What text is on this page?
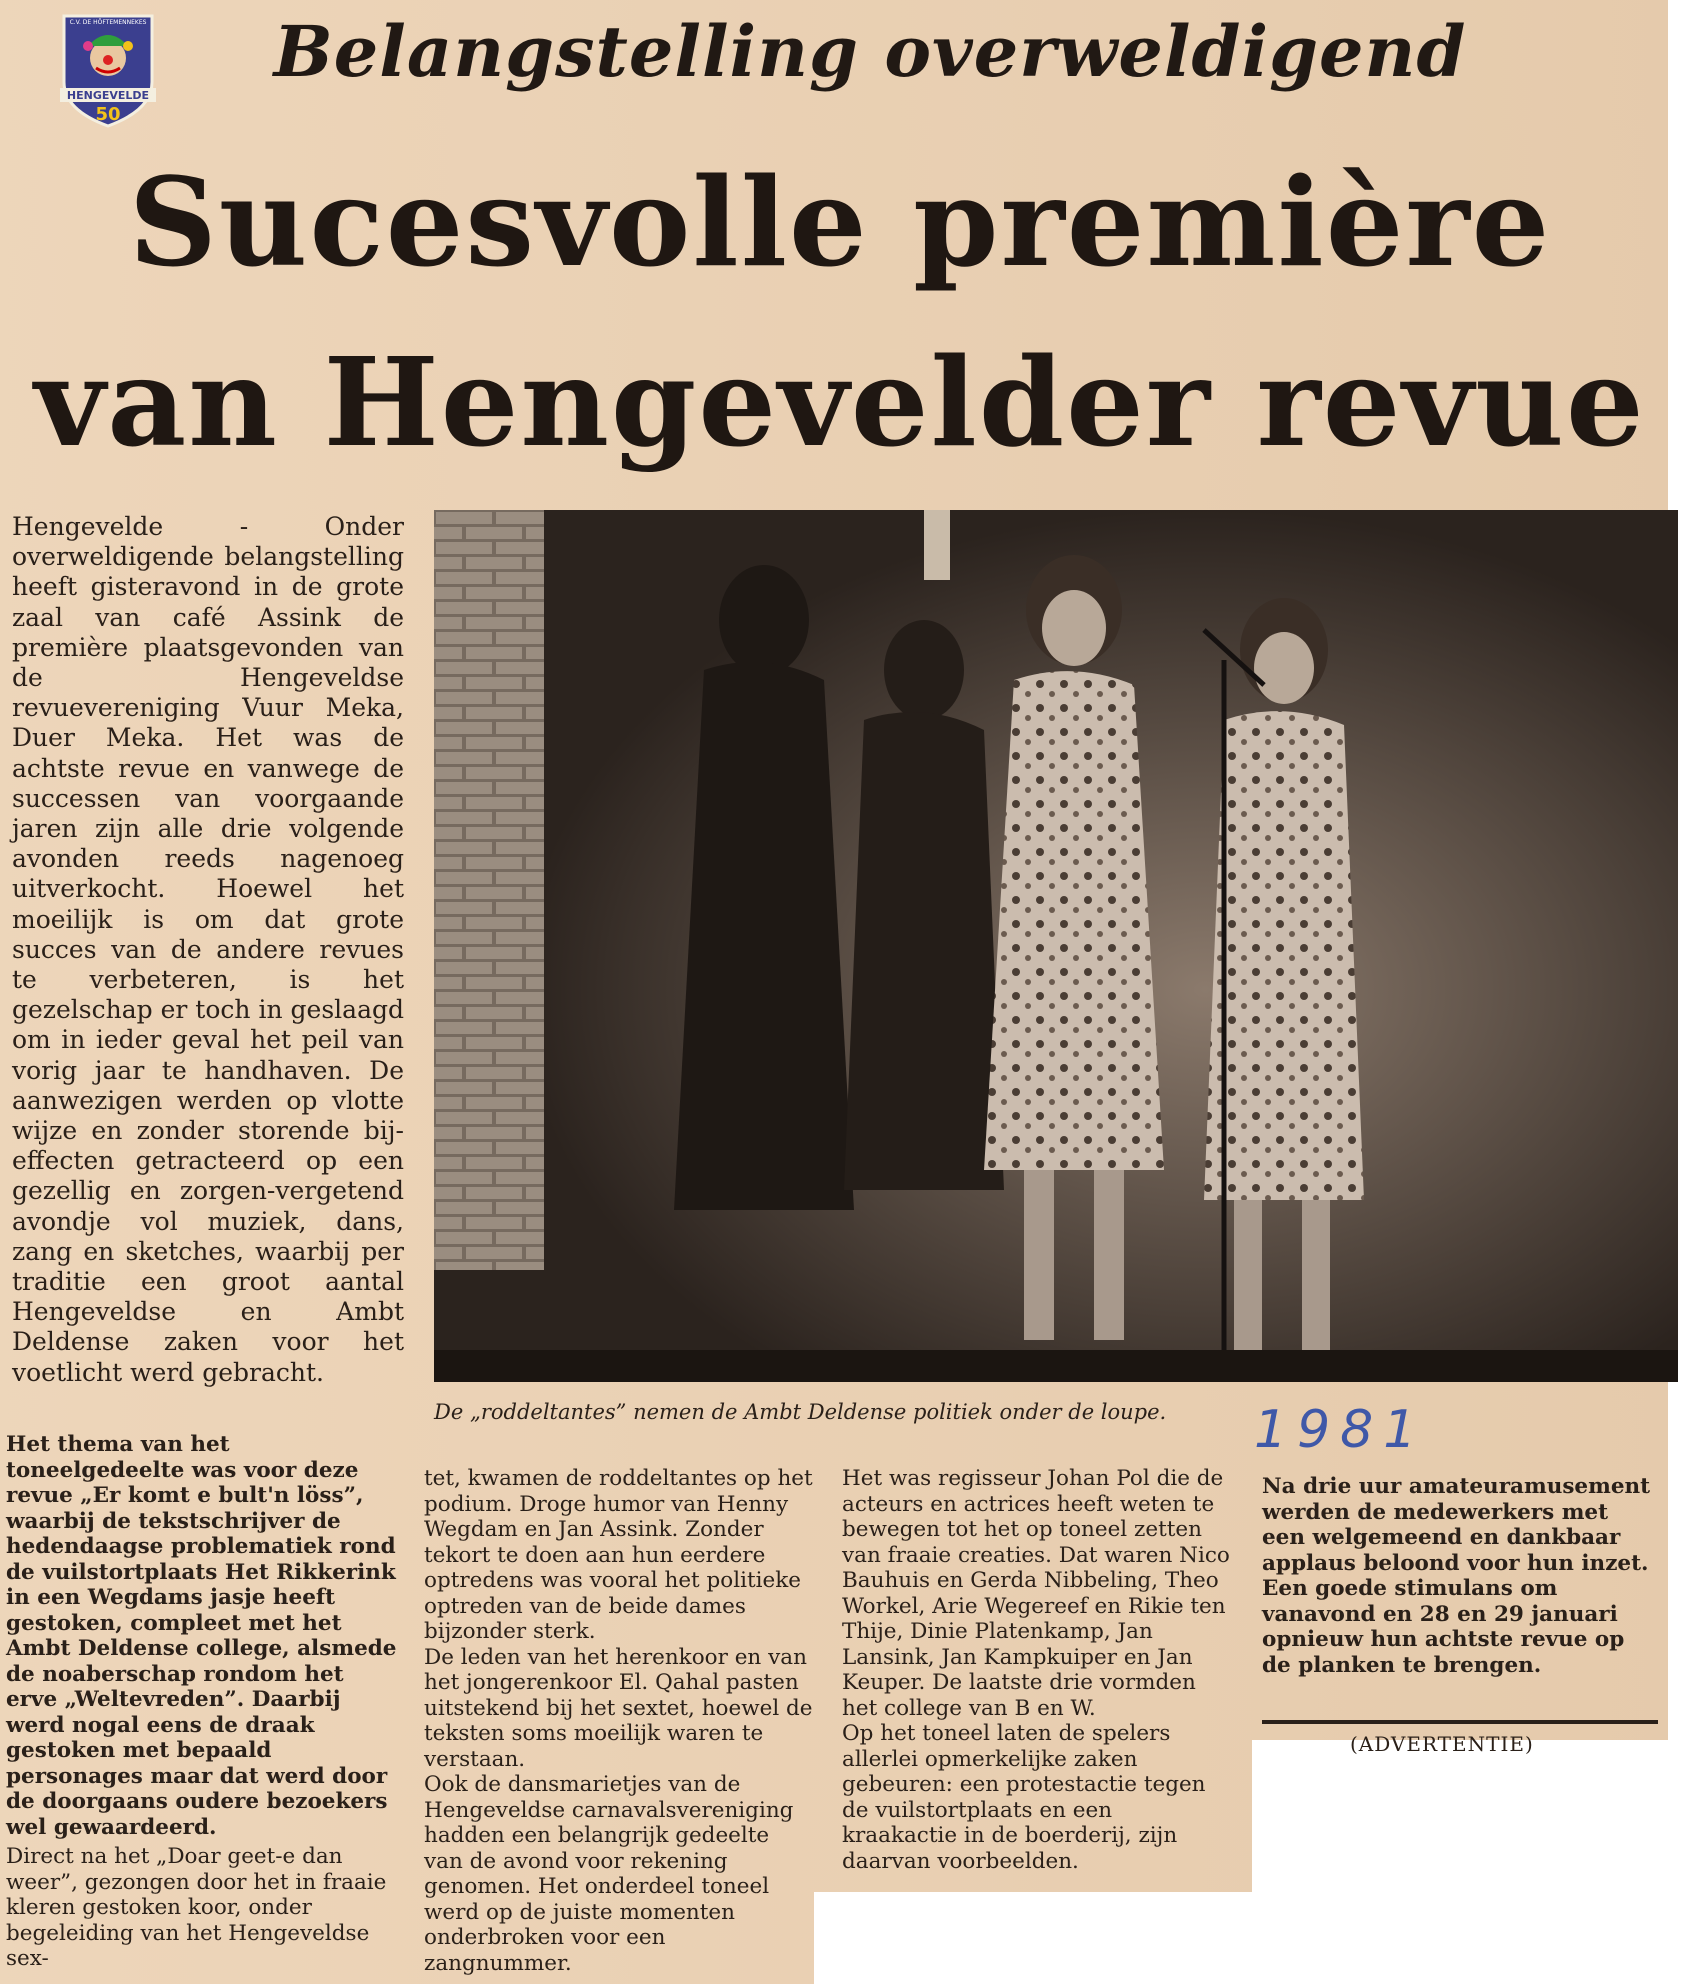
C.V. DE HÖFTEMENNEKES
HENGEVELDE
50
Belangstelling overweldigend
Sucesvolle première
van Hengevelder revue
Hengevelde - Onder overweldigende belangstelling heeft gisteravond in de grote zaal van café Assink de première plaatsgevonden van de Hengeveldse revuevereniging Vuur Meka, Duer Meka. Het was de achtste revue en vanwege de successen van voorgaande jaren zijn alle drie volgende avonden reeds nagenoeg uitverkocht. Hoewel het moeilijk is om dat grote succes van de andere revues te verbeteren, is het gezelschap er toch in geslaagd om in ieder geval het peil van vorig jaar te handhaven. De aanwezigen werden op vlotte wijze en zonder storende bij-effecten getracteerd op een gezellig en zorgen-vergetend avondje vol muziek, dans, zang en sketches, waarbij per traditie een groot aantal Hengeveldse en Ambt Deldense zaken voor het voetlicht werd gebracht.
De „roddeltantes” nemen de Ambt Deldense politiek onder de loupe.	1981
Het thema van het toneelgedeelte was voor deze revue „Er komt e bult'n löss”, waarbij de tekstschrijver de hedendaagse problematiek rond de vuilstortplaats Het Rikkerink in een Wegdams jasje heeft gestoken, compleet met het Ambt Deldense college, alsmede de noaberschap rondom het erve „Weltevreden”. Daarbij werd nogal eens de draak gestoken met bepaald personages maar dat werd door de doorgaans oudere bezoekers wel gewaardeerd.
Direct na het „Doar geet-e dan weer”, gezongen door het in fraaie kleren gestoken koor, onder begeleiding van het Hengeveldse sex-

tet, kwamen de roddeltantes op het podium. Droge humor van Henny Wegdam en Jan Assink. Zonder tekort te doen aan hun eerdere optredens was vooral het politieke optreden van de beide dames bijzonder sterk.

De leden van het herenkoor en van het jongerenkoor El. Qahal pasten uitstekend bij het sextet, hoewel de teksten soms moeilijk waren te verstaan.

Ook de dansmarietjes van de Hengeveldse carnavalsvereniging hadden een belangrijk gedeelte van de avond voor rekening genomen. Het onderdeel toneel werd op de juiste momenten onderbroken voor een zangnummer.

Het was regisseur Johan Pol die de acteurs en actrices heeft weten te bewegen tot het op toneel zetten van fraaie creaties. Dat waren Nico Bauhuis en Gerda Nibbeling, Theo Workel, Arie Wegereef en Rikie ten Thije, Dinie Platenkamp, Jan Lansink, Jan Kampkuiper en Jan Keuper. De laatste drie vormden het college van B en W.

Op het toneel laten de spelers allerlei opmerkelijke zaken gebeuren: een protestactie tegen de vuilstortplaats en een kraakactie in de boerderij, zijn daarvan voorbeelden.

Na drie uur amateuramusement werden de medewerkers met een welgemeend en dankbaar applaus beloond voor hun inzet. Een goede stimulans om vanavond en 28 en 29 januari opnieuw hun achtste revue op de planken te brengen.
(ADVERTENTIE)
